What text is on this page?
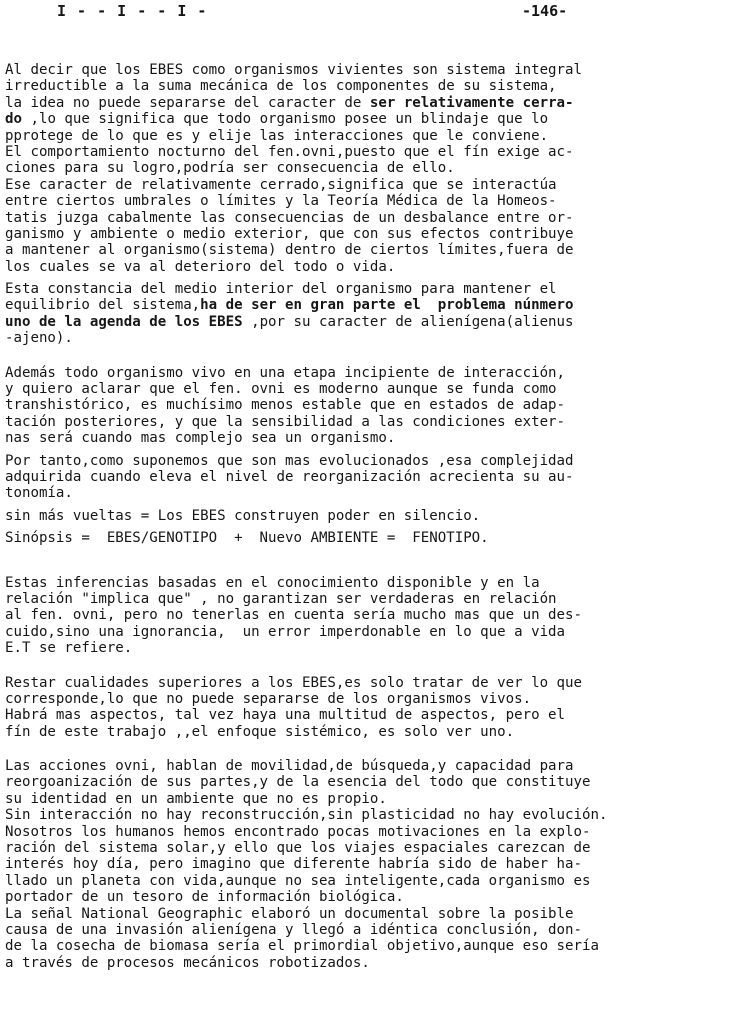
I - - I - - I -	-146-
Al decir que los EBES como organismos vivientes son sistema integral
irreductible a la suma mecánica de los componentes de su sistema,
la idea no puede separarse del caracter de ser relativamente cerra-
do ,lo que significa que todo organismo posee un blindaje que lo
pprotege de lo que es y elije las interacciones que le conviene.
El comportamiento nocturno del fen.ovni,puesto que el fín exige ac-
ciones para su logro,podría ser consecuencia de ello.
Ese caracter de relativamente cerrado,significa que se interactúa
entre ciertos umbrales o límites y la Teoría Médica de la Homeos-
tatis juzga cabalmente las consecuencias de un desbalance entre or-
ganismo y ambiente o medio exterior, que con sus efectos contribuye
a mantener al organismo(sistema) dentro de ciertos límites,fuera de
los cuales se va al deterioro del todo o vida.
Esta constancia del medio interior del organismo para mantener el
equilibrio del sistema,ha de ser en gran parte el  problema núnmero
uno de la agenda de los EBES ,por su caracter de alienígena(alienus
-ajeno).
Además todo organismo vivo en una etapa incipiente de interacción,
y quiero aclarar que el fen. ovni es moderno aunque se funda como
transhistórico, es muchísimo menos estable que en estados de adap-
tación posteriores, y que la sensibilidad a las condiciones exter-
nas será cuando mas complejo sea un organismo.
Por tanto,como suponemos que son mas evolucionados ,esa complejidad
adquirida cuando eleva el nivel de reorganización acrecienta su au-
tonomía.
sin más vueltas = Los EBES construyen poder en silencio.
Sinópsis =  EBES/GENOTIPO  +  Nuevo AMBIENTE =  FENOTIPO.
Estas inferencias basadas en el conocimiento disponible y en la
relación "implica que" , no garantizan ser verdaderas en relación
al fen. ovni, pero no tenerlas en cuenta sería mucho mas que un des-
cuido,sino una ignorancia,  un error imperdonable en lo que a vida
E.T se refiere.
Restar cualidades superiores a los EBES,es solo tratar de ver lo que
corresponde,lo que no puede separarse de los organismos vivos.
Habrá mas aspectos, tal vez haya una multitud de aspectos, pero el
fín de este trabajo ,,el enfoque sistémico, es solo ver uno.
Las acciones ovni, hablan de movilidad,de búsqueda,y capacidad para
reorgoanización de sus partes,y de la esencia del todo que constituye
su identidad en un ambiente que no es propio.
Sin interacción no hay reconstrucción,sin plasticidad no hay evolución.
Nosotros los humanos hemos encontrado pocas motivaciones en la explo-
ración del sistema solar,y ello que los viajes espaciales carezcan de
interés hoy día, pero imagino que diferente habría sido de haber ha-
llado un planeta con vida,aunque no sea inteligente,cada organismo es
portador de un tesoro de información biológica.
La señal National Geographic elaboró un documental sobre la posible
causa de una invasión alienígena y llegó a idéntica conclusión, don-
de la cosecha de biomasa sería el primordial objetivo,aunque eso sería
a través de procesos mecánicos robotizados.
